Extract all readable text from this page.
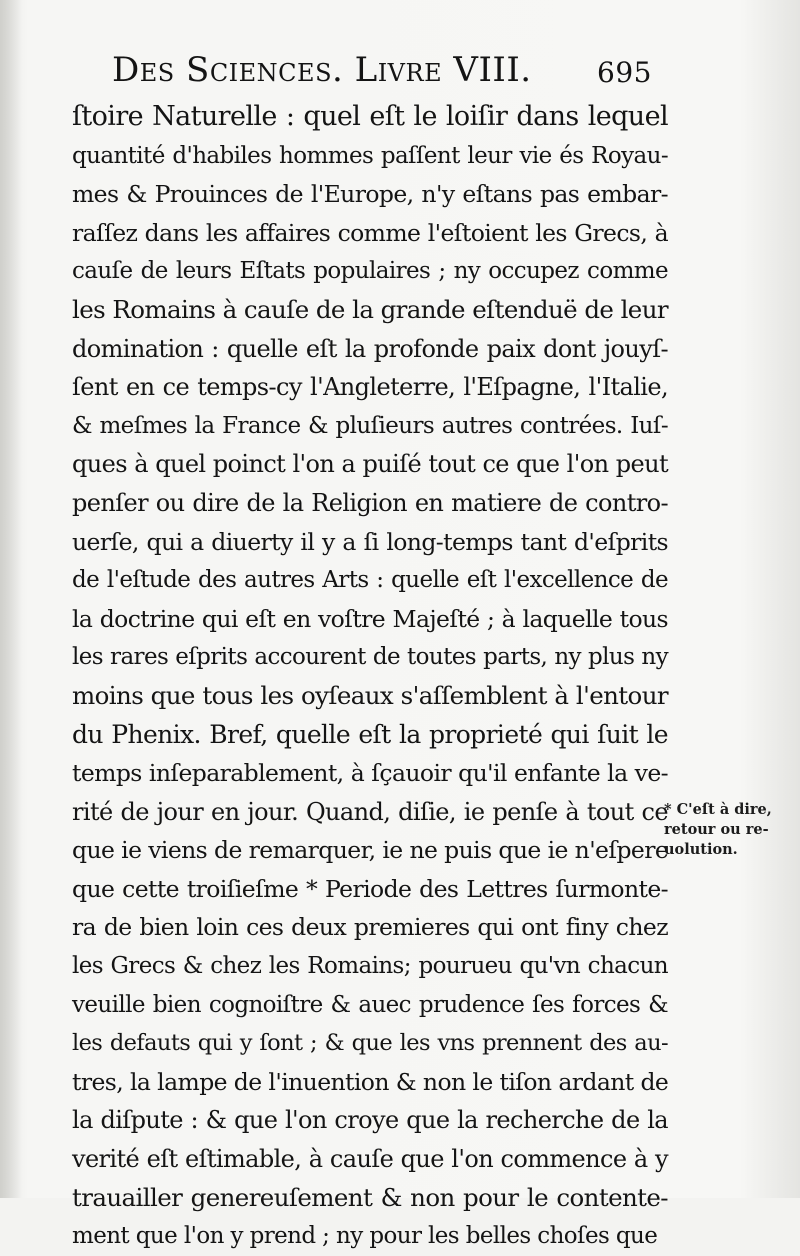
Des Sciences. Livre VIII. 695
ſtoire Naturelle : quel eſt le loiſir dans lequel
quantité d'habiles hommes paſſent leur vie és Royau-
mes & Prouinces de l'Europe, n'y eſtans pas embar-
raſſez dans les affaires comme l'eſtoient les Grecs, à
cauſe de leurs Eſtats populaires ; ny occupez comme
les Romains à cauſe de la grande eſtenduë de leur
domination : quelle eſt la profonde paix dont jouyſ-
ſent en ce temps-cy l'Angleterre, l'Eſpagne, l'Italie,
& meſmes la France & pluſieurs autres contrées. Iuſ-
ques à quel poinct l'on a puiſé tout ce que l'on peut
penſer ou dire de la Religion en matiere de contro-
uerſe, qui a diuerty il y a ſi long-temps tant d'eſprits
de l'eſtude des autres Arts : quelle eſt l'excellence de
la doctrine qui eſt en voſtre Majeſté ; à laquelle tous
les rares eſprits accourent de toutes parts, ny plus ny
moins que tous les oyſeaux s'aſſemblent à l'entour
du Phenix. Bref, quelle eſt la proprieté qui ſuit le
temps inſeparablement, à ſçauoir qu'il enfante la ve-
rité de jour en jour. Quand, diſie, ie penſe à tout ce
que ie viens de remarquer, ie ne puis que ie n'eſpere
que cette troiſieſme * Periode des Lettres ſurmonte-
ra de bien loin ces deux premieres qui ont finy chez
les Grecs & chez les Romains; pourueu qu'vn chacun
veuille bien cognoiſtre & auec prudence ſes forces &
les defauts qui y ſont ; & que les vns prennent des au-
tres, la lampe de l'inuention & non le tiſon ardant de
la diſpute : & que l'on croye que la recherche de la
verité eſt eſtimable, à cauſe que l'on commence à y
trauailler genereuſement & non pour le contente-
ment que l'on y prend ; ny pour les belles choſes que
* C'eſt à dire,
retour ou re-
uolution.
